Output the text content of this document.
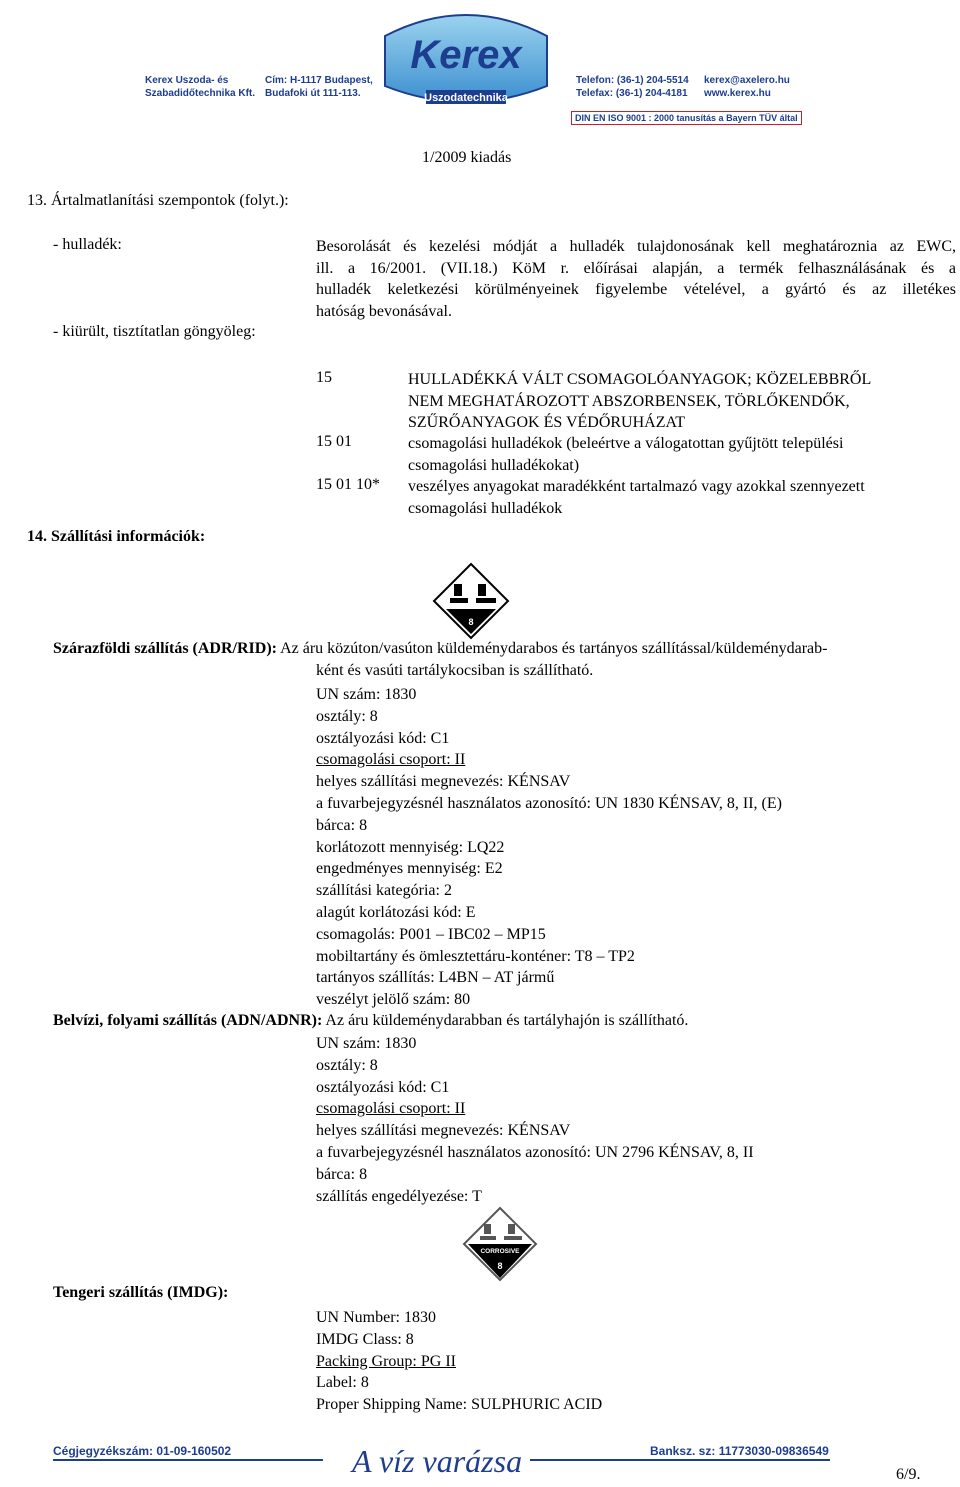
Kerex
Uszodatechnika
Kerex Uszoda- és
Szabadidőtechnika Kft.
Cím: H-1117 Budapest,
Budafoki út 111-113.
Telefon: (36-1) 204-5514
Telefax: (36-1) 204-4181
kerex@axelero.hu
www.kerex.hu
DIN EN ISO 9001 : 2000 tanusítás a Bayern TÜV által
1/2009 kiadás
13. Ártalmatlanítási szempontok (folyt.):
- hulladék:	Besorolását és kezelési módját a hulladék tulajdonosának kell meghatároznia az EWC,
ill. a 16/2001. (VII.18.) KöM r. előírásai alapján, a termék felhasználásának és a
hulladék keletkezési körülményeinek figyelembe vételével, a gyártó és az illetékes
hatóság bevonásával.
- kiürült, tisztítatlan göngyöleg:
15	HULLADÉKKÁ VÁLT CSOMAGOLÓANYAGOK; KÖZELEBBRŐL
NEM MEGHATÁROZOTT ABSZORBENSEK, TÖRLŐKENDŐK,
SZŰRŐANYAGOK ÉS VÉDŐRUHÁZAT
15 01	csomagolási hulladékok (beleértve a válogatottan gyűjtött települési
csomagolási hulladékokat)
15 01 10* veszélyes anyagokat maradékként tartalmazó vagy azokkal szennyezett
csomagolási hulladékok
14. Szállítási információk:
8
Szárazföldi szállítás (ADR/RID): Az áru közúton/vasúton küldeménydarabos és tartányos szállítással/küldeménydarab-
ként és vasúti tartálykocsiban is szállítható.
UN szám: 1830
osztály: 8
osztályozási kód: C1
csomagolási csoport: II
helyes szállítási megnevezés: KÉNSAV
a fuvarbejegyzésnél használatos azonosító: UN 1830 KÉNSAV, 8, II, (E)
bárca: 8
korlátozott mennyiség: LQ22
engedményes mennyiség: E2
szállítási kategória: 2
alagút korlátozási kód: E
csomagolás: P001 – IBC02 – MP15
mobiltartány és ömlesztettáru-konténer: T8 – TP2
tartányos szállítás: L4BN – AT jármű
veszélyt jelölő szám: 80
Belvízi, folyami szállítás (ADN/ADNR): Az áru küldeménydarabban és tartályhajón is szállítható.
UN szám: 1830
osztály: 8
osztályozási kód: C1
csomagolási csoport: II
helyes szállítási megnevezés: KÉNSAV
a fuvarbejegyzésnél használatos azonosító: UN 2796 KÉNSAV, 8, II
bárca: 8
szállítás engedélyezése: T
CORROSIVE
8
Tengeri szállítás (IMDG):
UN Number: 1830
IMDG Class: 8
Packing Group: PG II
Label: 8
Proper Shipping Name: SULPHURIC ACID
Cégjegyzékszám: 01-09-160502	A víz varázsa	Banksz. sz: 11773030-09836549
6/9.
